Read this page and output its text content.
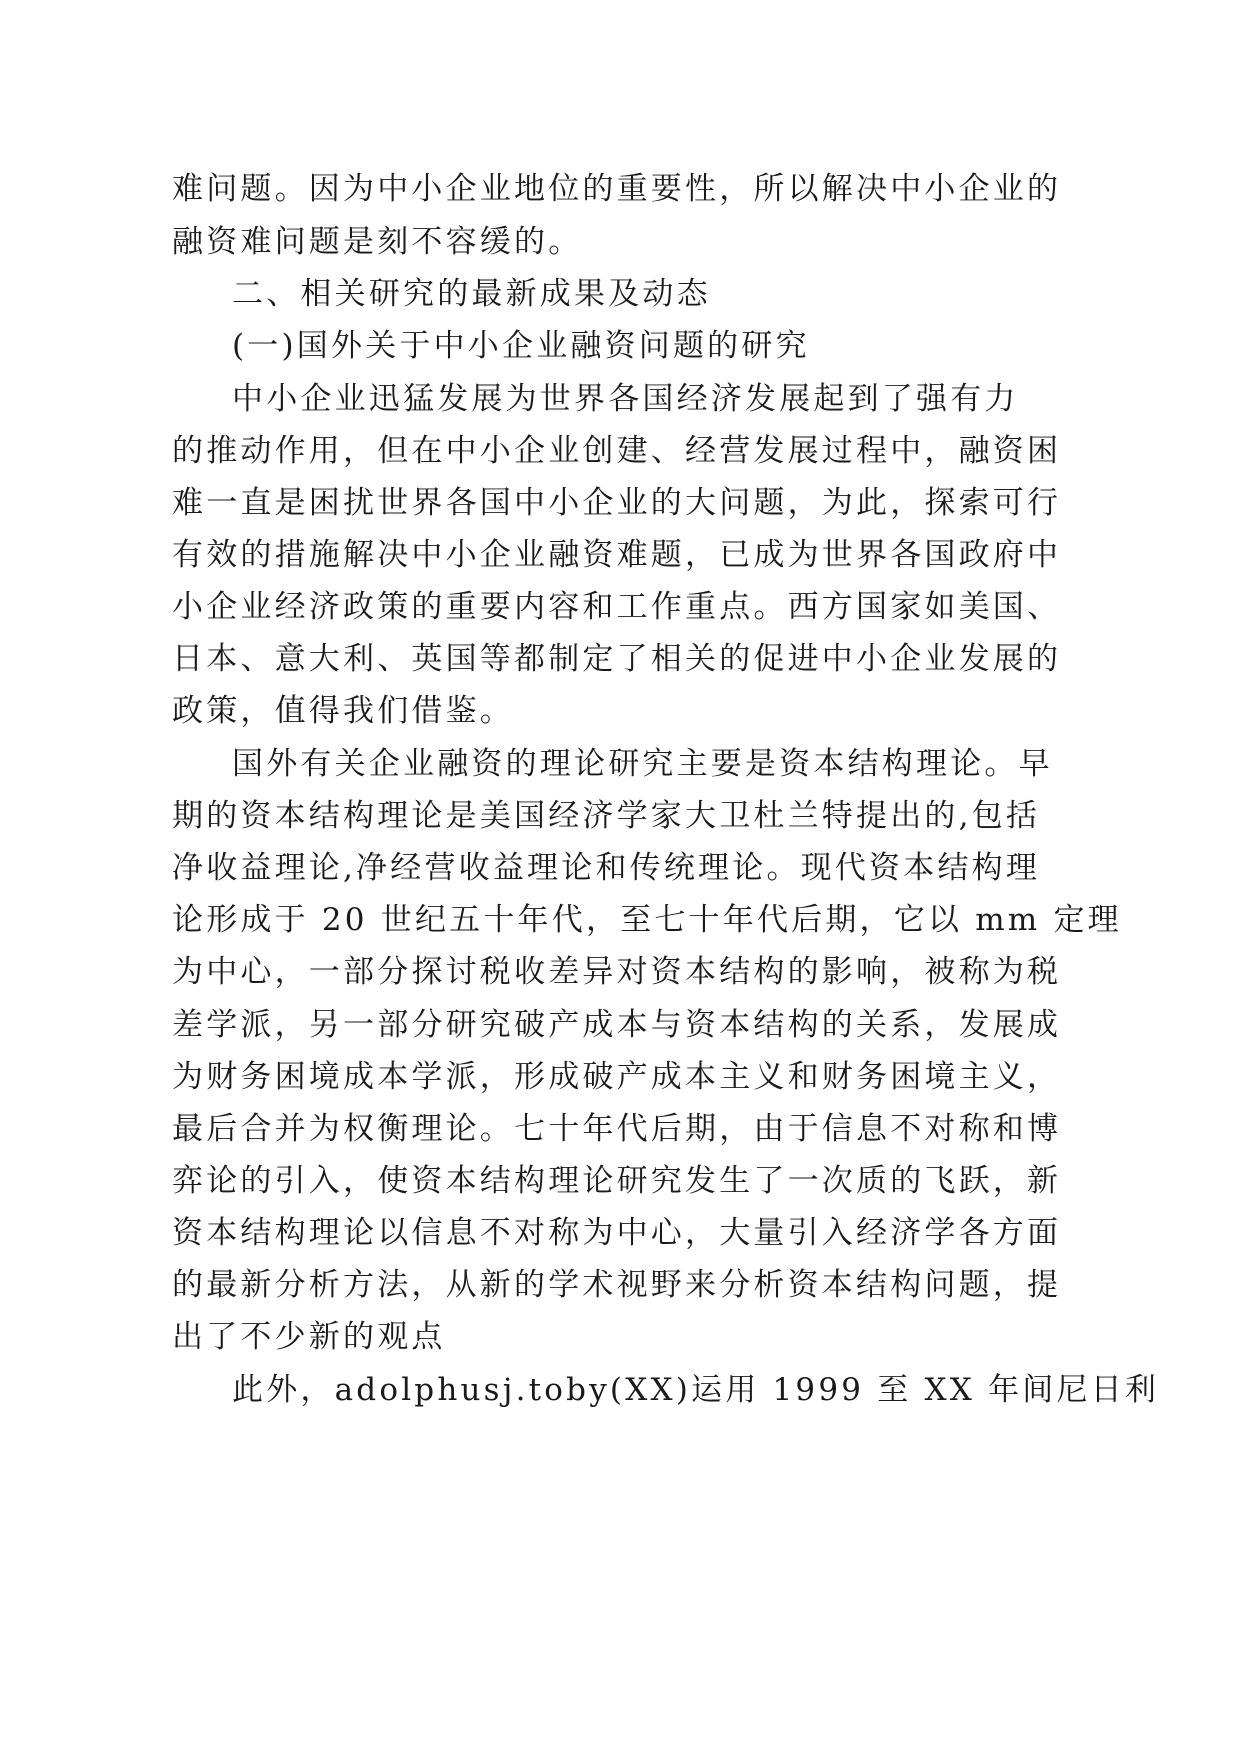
难问题。因为中小企业地位的重要性，所以解决中小企业的

融资难问题是刻不容缓的。

二、相关研究的最新成果及动态

(一)国外关于中小企业融资问题的研究

中小企业迅猛发展为世界各国经济发展起到了强有力

的推动作用，但在中小企业创建、经营发展过程中，融资困

难一直是困扰世界各国中小企业的大问题，为此，探索可行

有效的措施解决中小企业融资难题，已成为世界各国政府中

小企业经济政策的重要内容和工作重点。西方国家如美国、

日本、意大利、英国等都制定了相关的促进中小企业发展的

政策，值得我们借鉴。

国外有关企业融资的理论研究主要是资本结构理论。早

期的资本结构理论是美国经济学家大卫杜兰特提出的,包括

净收益理论,净经营收益理论和传统理论。现代资本结构理

论形成于 20 世纪五十年代，至七十年代后期，它以 mm 定理

为中心，一部分探讨税收差异对资本结构的影响，被称为税

差学派，另一部分研究破产成本与资本结构的关系，发展成

为财务困境成本学派，形成破产成本主义和财务困境主义，

最后合并为权衡理论。七十年代后期，由于信息不对称和博

弈论的引入，使资本结构理论研究发生了一次质的飞跃，新

资本结构理论以信息不对称为中心，大量引入经济学各方面

的最新分析方法，从新的学术视野来分析资本结构问题，提

出了不少新的观点

此外，adolphusj.toby(XX)运用 1999 至 XX 年间尼日利
